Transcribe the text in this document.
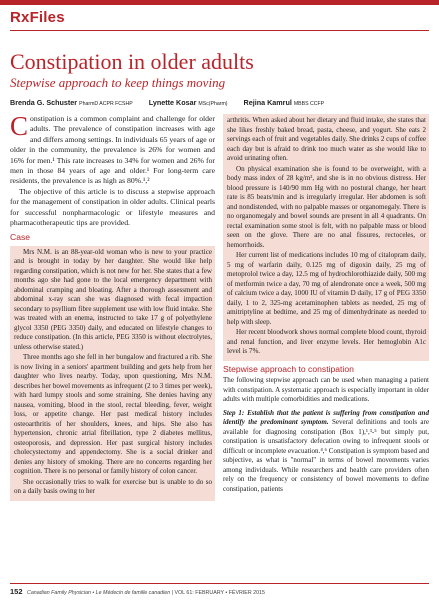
RxFiles
Constipation in older adults
Stepwise approach to keep things moving
Brenda G. Schuster PharmD ACPR FCSHP Lynette Kosar MSc(Pharm) Rejina Kamrul MBBS CCFP

Constipation is a common complaint and challenge for older adults. The prevalence of constipation increases with age and differs among settings. In individuals 65 years of age or older in the community, the prevalence is 26% for women and 16% for men.¹ This rate increases to 34% for women and 26% for men in those 84 years of age and older.¹ For long-term care residents, the prevalence is as high as 80%.¹,²

The objective of this article is to discuss a stepwise approach for the management of constipation in older adults. Clinical pearls for successful nonpharmacologic or lifestyle measures and pharmacotherapeutic tips are provided.

Case

Mrs N.M. is an 88-year-old woman who is new to your practice and is brought in today by her daughter. She would like help regarding constipation, which is not new for her. She states that a few months ago she had gone to the local emergency department with abdominal cramping and bloating. After a thorough assessment and abdominal x-ray scan she was diagnosed with fecal impaction secondary to psyllium fibre supplement use with low fluid intake. She was treated with an enema, instructed to take 17 g of polyethylene glycol 3350 (PEG 3350) daily, and educated on lifestyle changes to reduce constipation. (In this article, PEG 3350 is without electrolytes, unless otherwise stated.)

Three months ago she fell in her bungalow and fractured a rib. She is now living in a seniors' apartment building and gets help from her daughter who lives nearby. Today, upon questioning, Mrs N.M. describes her bowel movements as infrequent (2 to 3 times per week), with hard lumpy stools and some straining. She denies having any nausea, vomiting, blood in the stool, rectal bleeding, fever, weight loss, or appetite change. Her past medical history includes osteoarthritis of her shoulders, knees, and hips. She also has hypertension, chronic atrial fibrillation, type 2 diabetes mellitus, osteoporosis, and depression. Her past surgical history includes cholecystectomy and appendectomy. She is a social drinker and denies any history of smoking. There are no concerns regarding her cognition. There is no personal or family history of colon cancer.

She occasionally tries to walk for exercise but is unable to do so on a daily basis owing to her

arthritis. When asked about her dietary and fluid intake, she states that she likes freshly baked bread, pasta, cheese, and yogurt. She eats 2 servings each of fruit and vegetables daily. She drinks 2 cups of coffee each day but is afraid to drink too much water as she would like to avoid urinating often.

On physical examination she is found to be overweight, with a body mass index of 28 kg/m², and she is in no obvious distress. Her blood pressure is 140/90 mm Hg with no postural change, her heart rate is 85 beats/min and is irregularly irregular. Her abdomen is soft and nondistended, with no palpable masses or organomegaly. There is no organomegaly and bowel sounds are present in all 4 quadrants. On rectal examination some stool is felt, with no palpable mass or blood seen on the glove. There are no anal fissures, rectoceles, or hemorrhoids.

Her current list of medications includes 10 mg of citalopram daily, 5 mg of warfarin daily, 0.125 mg of digoxin daily, 25 mg of metoprolol twice a day, 12.5 mg of hydrochlorothiazide daily, 500 mg of metformin twice a day, 70 mg of alendronate once a week, 500 mg of calcium twice a day, 1000 IU of vitamin D daily, 17 g of PEG 3350 daily, 1 to 2, 325-mg acetaminophen tablets as needed, 25 mg of amitriptyline at bedtime, and 25 mg of dimenhydrinate as needed to help with sleep.

Her recent bloodwork shows normal complete blood count, thyroid and renal function, and liver enzyme levels. Her hemoglobin A1c level is 7%.

Stepwise approach to constipation

The following stepwise approach can be used when managing a patient with constipation. A systematic approach is especially important in older adults with multiple comorbidities and medications.

Step 1: Establish that the patient is suffering from constipation and identify the predominant symptom. Several definitions and tools are available for diagnosing constipation (Box 1),¹,³-⁵ but simply put, constipation is unsatisfactory defecation owing to infrequent stools or difficult or incomplete evacuation.⁴,⁶ Constipation is symptom based and subjective, as what is "normal" in terms of bowel movements varies among individuals. While researchers and health care providers often rely on the frequency or consistency of bowel movements to define constipation, patients

152 Canadian Family Physician • Le Médecin de famille canadien | VOL 61: FEBRUARY • FÉVRIER 2015
